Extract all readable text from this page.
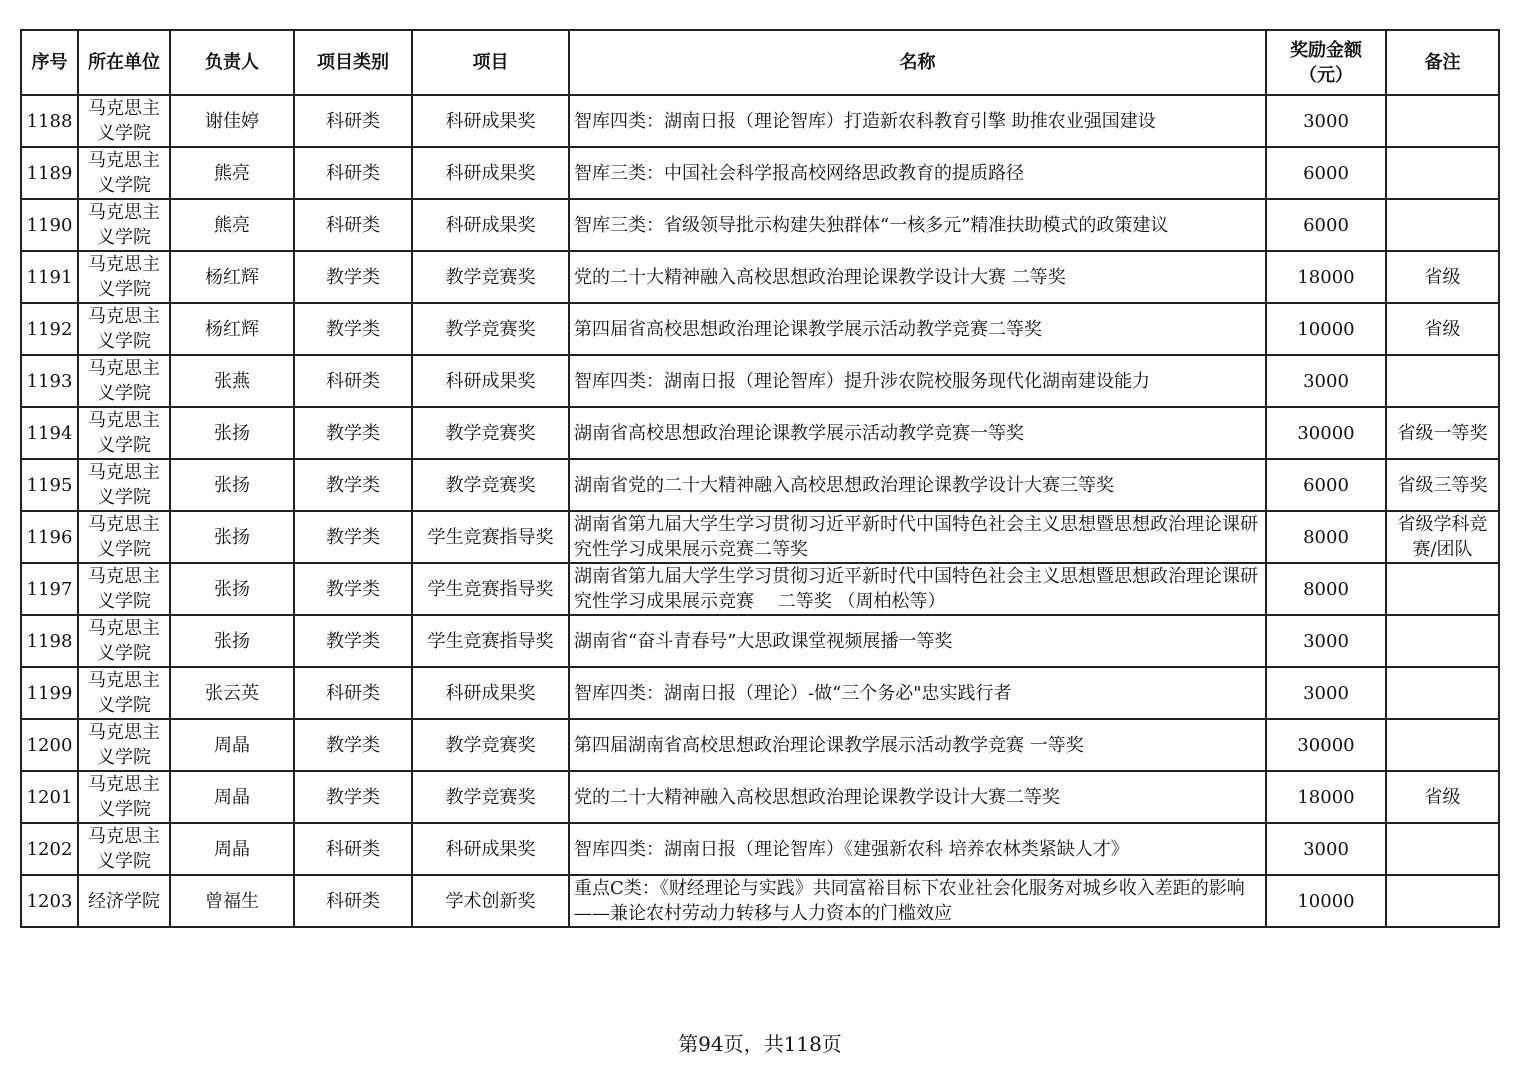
序号	所在单位	负责人	项目类别	项目	名称	奖励金额（元）	备注
1188	马克思主义学院	谢佳婷	科研类	科研成果奖	智库四类：湖南日报（理论智库）打造新农科教育引擎 助推农业强国建设	3000	
1189	马克思主义学院	熊亮	科研类	科研成果奖	智库三类：中国社会科学报高校网络思政教育的提质路径	6000	
1190	马克思主义学院	熊亮	科研类	科研成果奖	智库三类：省级领导批示构建失独群体“一核多元”精准扶助模式的政策建议	6000	
1191	马克思主义学院	杨红辉	教学类	教学竞赛奖	党的二十大精神融入高校思想政治理论课教学设计大赛 二等奖	18000	省级
1192	马克思主义学院	杨红辉	教学类	教学竞赛奖	第四届省高校思想政治理论课教学展示活动教学竞赛二等奖	10000	省级
1193	马克思主义学院	张燕	科研类	科研成果奖	智库四类：湖南日报（理论智库）提升涉农院校服务现代化湖南建设能力	3000	
1194	马克思主义学院	张扬	教学类	教学竞赛奖	湖南省高校思想政治理论课教学展示活动教学竞赛一等奖	30000	省级一等奖
1195	马克思主义学院	张扬	教学类	教学竞赛奖	湖南省党的二十大精神融入高校思想政治理论课教学设计大赛三等奖	6000	省级三等奖
1196	马克思主义学院	张扬	教学类	学生竞赛指导奖	湖南省第九届大学生学习贯彻习近平新时代中国特色社会主义思想暨思想政治理论课研究性学习成果展示竞赛二等奖	8000	省级学科竞赛/团队
1197	马克思主义学院	张扬	教学类	学生竞赛指导奖	湖南省第九届大学生学习贯彻习近平新时代中国特色社会主义思想暨思想政治理论课研究性学习成果展示竞赛　 二等奖 （周柏松等）	8000	
1198	马克思主义学院	张扬	教学类	学生竞赛指导奖	湖南省“奋斗青春号”大思政课堂视频展播一等奖	3000	
1199	马克思主义学院	张云英	科研类	科研成果奖	智库四类：湖南日报（理论）-做“三个务必"忠实践行者	3000	
1200	马克思主义学院	周晶	教学类	教学竞赛奖	第四届湖南省高校思想政治理论课教学展示活动教学竞赛 一等奖	30000	
1201	马克思主义学院	周晶	教学类	教学竞赛奖	党的二十大精神融入高校思想政治理论课教学设计大赛二等奖	18000	省级
1202	马克思主义学院	周晶	科研类	科研成果奖	智库四类：湖南日报（理论智库）《建强新农科 培养农林类紧缺人才》	3000	
1203	经济学院	曾福生	科研类	学术创新奖	重点C类：《财经理论与实践》共同富裕目标下农业社会化服务对城乡收入差距的影响——兼论农村劳动力转移与人力资本的门槛效应	10000	
第94页，共118页
